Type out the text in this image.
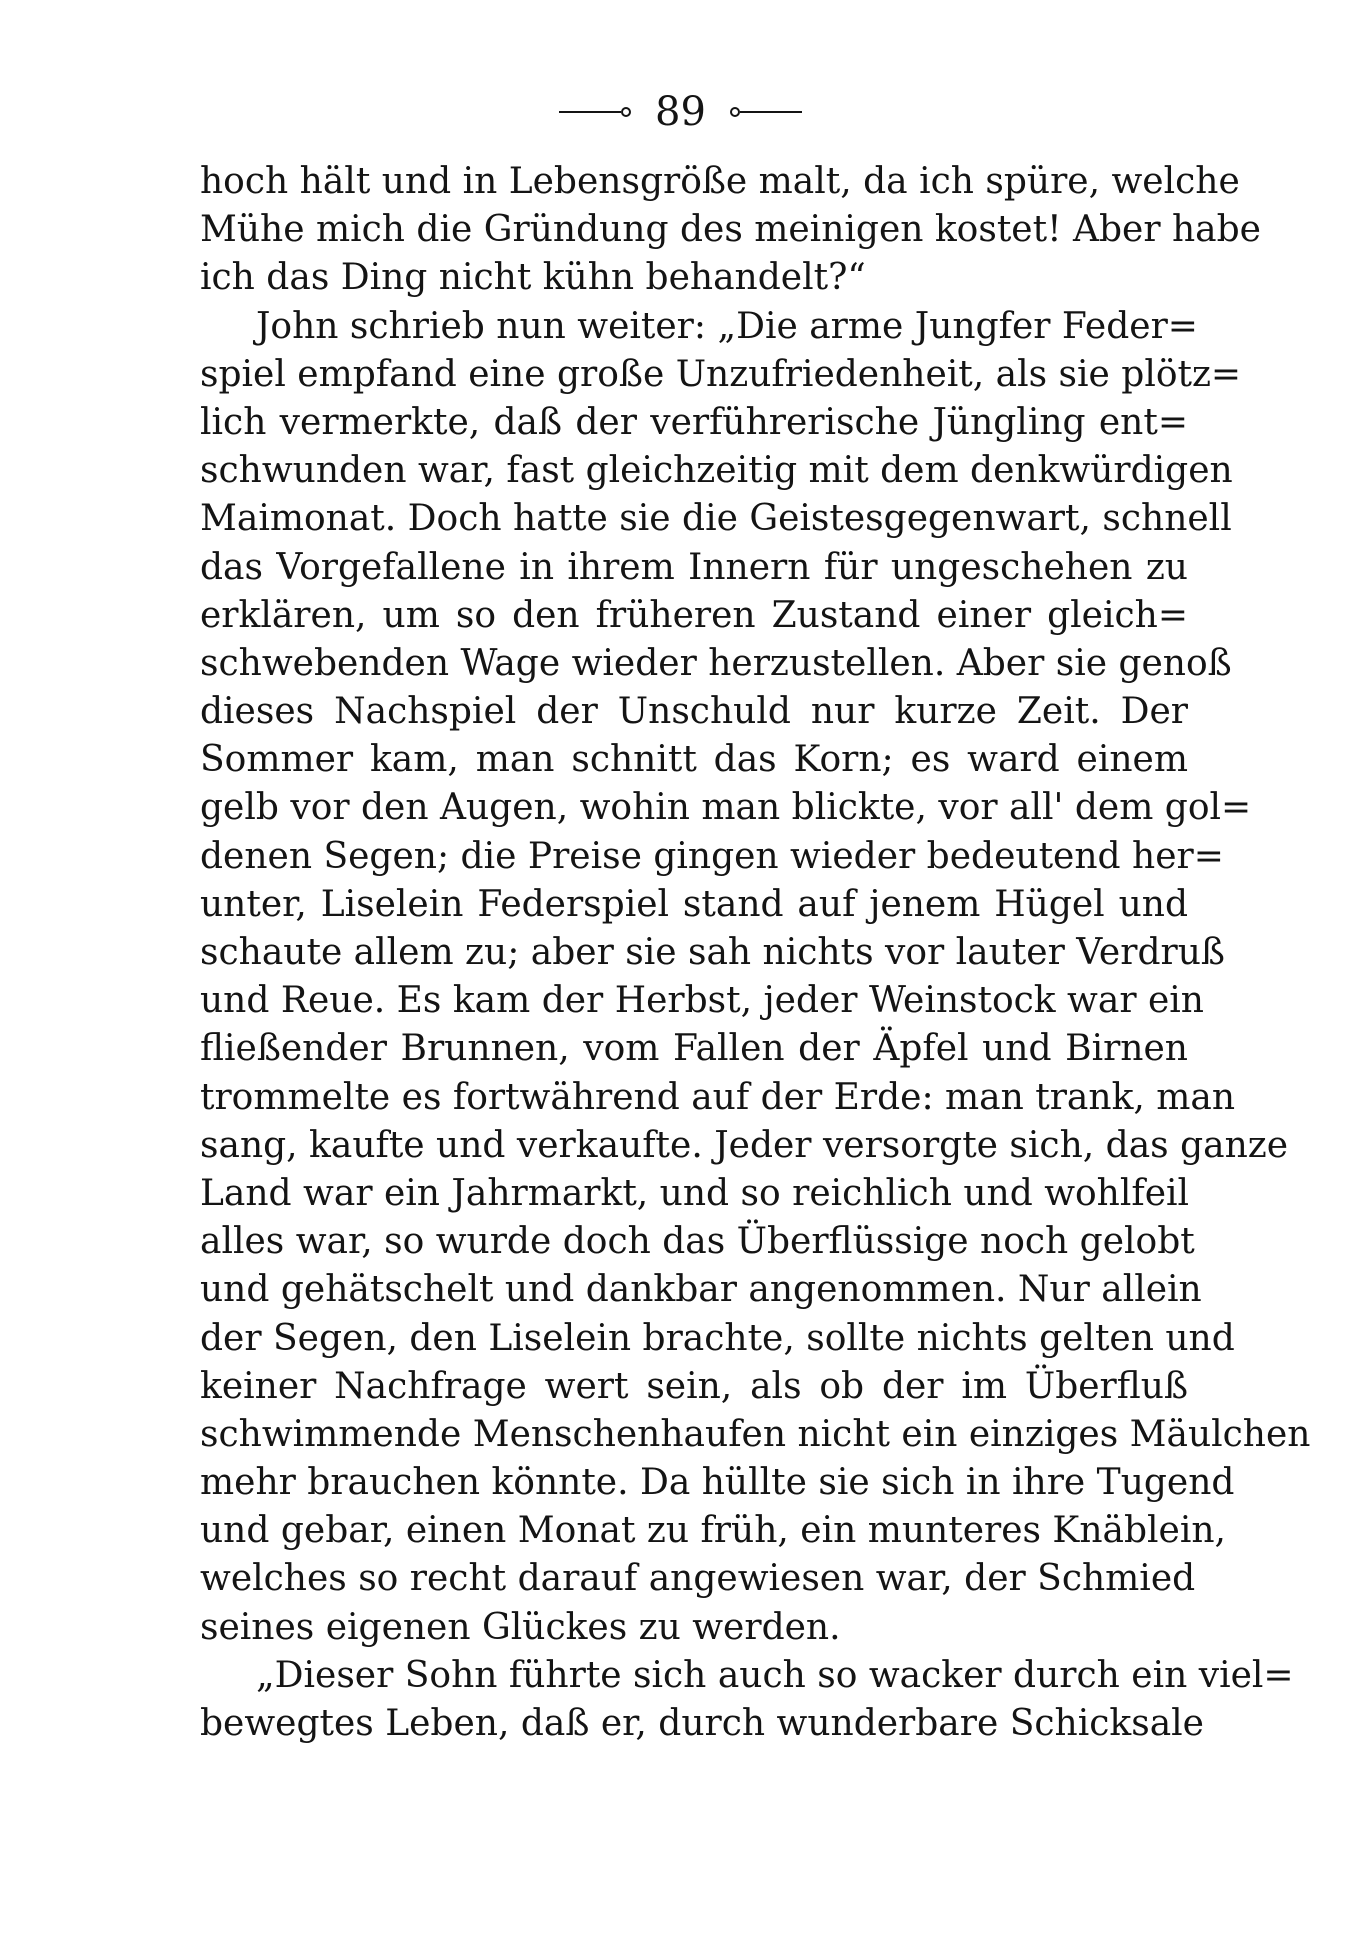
89
hoch hält und in Lebensgröße malt, da ich spüre, welche
Mühe mich die Gründung des meinigen kostet! Aber habe
ich das Ding nicht kühn behandelt?“
John schrieb nun weiter: „Die arme Jungfer Feder=
spiel empfand eine große Unzufriedenheit, als sie plötz=
lich vermerkte, daß der verführerische Jüngling ent=
schwunden war, fast gleichzeitig mit dem denkwürdigen
Maimonat. Doch hatte sie die Geistesgegenwart, schnell
das Vorgefallene in ihrem Innern für ungeschehen zu
erklären, um so den früheren Zustand einer gleich=
schwebenden Wage wieder herzustellen. Aber sie genoß
dieses Nachspiel der Unschuld nur kurze Zeit. Der
Sommer kam, man schnitt das Korn; es ward einem
gelb vor den Augen, wohin man blickte, vor all' dem gol=
denen Segen; die Preise gingen wieder bedeutend her=
unter, Liselein Federspiel stand auf jenem Hügel und
schaute allem zu; aber sie sah nichts vor lauter Verdruß
und Reue. Es kam der Herbst, jeder Weinstock war ein
fließender Brunnen, vom Fallen der Äpfel und Birnen
trommelte es fortwährend auf der Erde: man trank, man
sang, kaufte und verkaufte. Jeder versorgte sich, das ganze
Land war ein Jahrmarkt, und so reichlich und wohlfeil
alles war, so wurde doch das Überflüssige noch gelobt
und gehätschelt und dankbar angenommen. Nur allein
der Segen, den Liselein brachte, sollte nichts gelten und
keiner Nachfrage wert sein, als ob der im Überfluß
schwimmende Menschenhaufen nicht ein einziges Mäulchen
mehr brauchen könnte. Da hüllte sie sich in ihre Tugend
und gebar, einen Monat zu früh, ein munteres Knäblein,
welches so recht darauf angewiesen war, der Schmied
seines eigenen Glückes zu werden.
„Dieser Sohn führte sich auch so wacker durch ein viel=
bewegtes Leben, daß er, durch wunderbare Schicksale
